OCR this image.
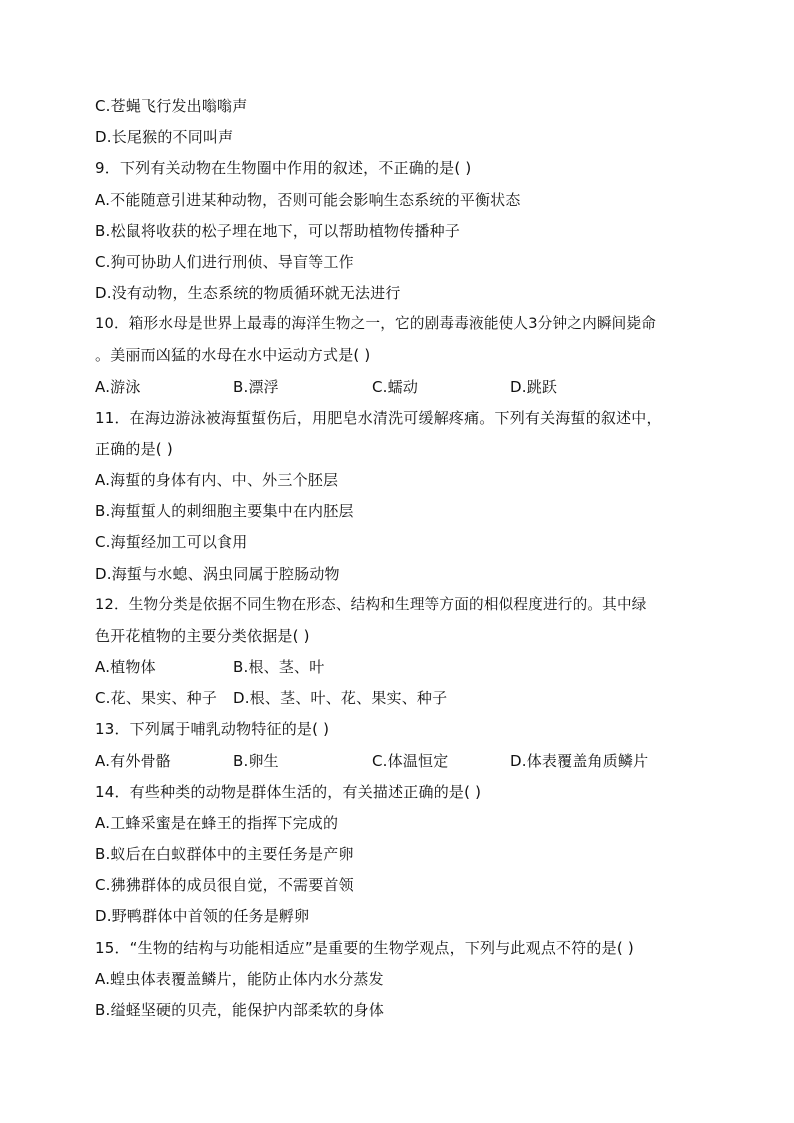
C.苍蝇飞行发出嗡嗡声
D.长尾猴的不同叫声
9．下列有关动物在生物圈中作用的叙述，不正确的是( )
A.不能随意引进某种动物，否则可能会影响生态系统的平衡状态
B.松鼠将收获的松子埋在地下，可以帮助植物传播种子
C.狗可协助人们进行刑侦、导盲等工作
D.没有动物，生态系统的物质循环就无法进行
10．箱形水母是世界上最毒的海洋生物之一，它的剧毒毒液能使人3分钟之内瞬间毙命
。美丽而凶猛的水母在水中运动方式是( )
A.游泳	B.漂浮	C.蠕动	D.跳跃
11．在海边游泳被海蜇蜇伤后，用肥皂水清洗可缓解疼痛。下列有关海蜇的叙述中，
正确的是( )
A.海蜇的身体有内、中、外三个胚层
B.海蜇蜇人的刺细胞主要集中在内胚层
C.海蜇经加工可以食用
D.海蜇与水螅、涡虫同属于腔肠动物
12．生物分类是依据不同生物在形态、结构和生理等方面的相似程度进行的。其中绿
色开花植物的主要分类依据是( )
A.植物体	B.根、茎、叶
C.花、果实、种子 D.根、茎、叶、花、果实、种子
13．下列属于哺乳动物特征的是( )
A.有外骨骼	B.卵生	C.体温恒定	D.体表覆盖角质鳞片
14．有些种类的动物是群体生活的，有关描述正确的是( )
A.工蜂采蜜是在蜂王的指挥下完成的
B.蚁后在白蚁群体中的主要任务是产卵
C.狒狒群体的成员很自觉，不需要首领
D.野鸭群体中首领的任务是孵卵
15．“生物的结构与功能相适应”是重要的生物学观点，下列与此观点不符的是( )
A.蝗虫体表覆盖鳞片，能防止体内水分蒸发
B.缢蛏坚硬的贝壳，能保护内部柔软的身体
